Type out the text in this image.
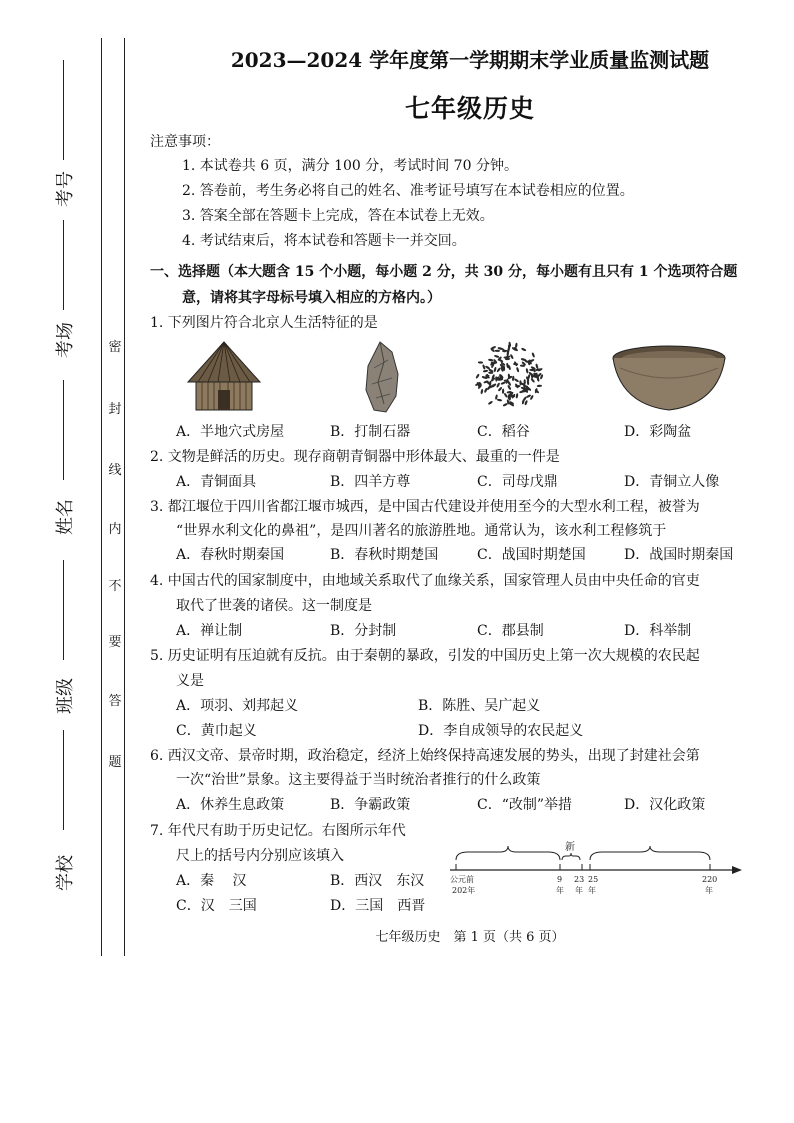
考号
考场
姓名
班级
学校
密
封
线
内
不
要
答
题
2023—2024 学年度第一学期期末学业质量监测试题
七年级历史
注意事项：
1. 本试卷共 6 页，满分 100 分，考试时间 70 分钟。
2. 答卷前，考生务必将自己的姓名、准考证号填写在本试卷相应的位置。
3. 答案全部在答题卡上完成，答在本试卷上无效。
4. 考试结束后，将本试卷和答题卡一并交回。
一、选择题（本大题含 15 个小题，每小题 2 分，共 30 分，每小题有且只有 1 个选项符合题
意，请将其字母标号填入相应的方格内。）
1. 下列图片符合北京人生活特征的是
A．半地穴式房屋	B．打制石器	C．稻谷	D．彩陶盆
2. 文物是鲜活的历史。现存商朝青铜器中形体最大、最重的一件是
A．青铜面具	B．四羊方尊	C．司母戊鼎	D．青铜立人像
3. 都江堰位于四川省都江堰市城西，是中国古代建设并使用至今的大型水利工程，被誉为
“世界水利文化的鼻祖”，是四川著名的旅游胜地。通常认为，该水利工程修筑于
A．春秋时期秦国	B．春秋时期楚国	C．战国时期楚国	D．战国时期秦国
4. 中国古代的国家制度中，由地域关系取代了血缘关系，国家管理人员由中央任命的官吏
取代了世袭的诸侯。这一制度是
A．禅让制	B．分封制	C．郡县制	D．科举制
5. 历史证明有压迫就有反抗。由于秦朝的暴政，引发的中国历史上第一次大规模的农民起
义是
A．项羽、刘邦起义	B．陈胜、吴广起义
C．黄巾起义	D．李自成领导的农民起义
6. 西汉文帝、景帝时期，政治稳定，经济上始终保持高速发展的势头，出现了封建社会第
一次“治世”景象。这主要得益于当时统治者推行的什么政策
A．休养生息政策	B．争霸政策	C．“改制”举措	D．汉化政策
7. 年代尺有助于历史记忆。右图所示年代
尺上的括号内分别应该填入
A．秦　 汉	B．西汉　东汉
C．汉　三国	D．三国　西晋
新
公元前
202年
9
年
23
年
25
年
220
年
七年级历史　第 1 页（共 6 页）
